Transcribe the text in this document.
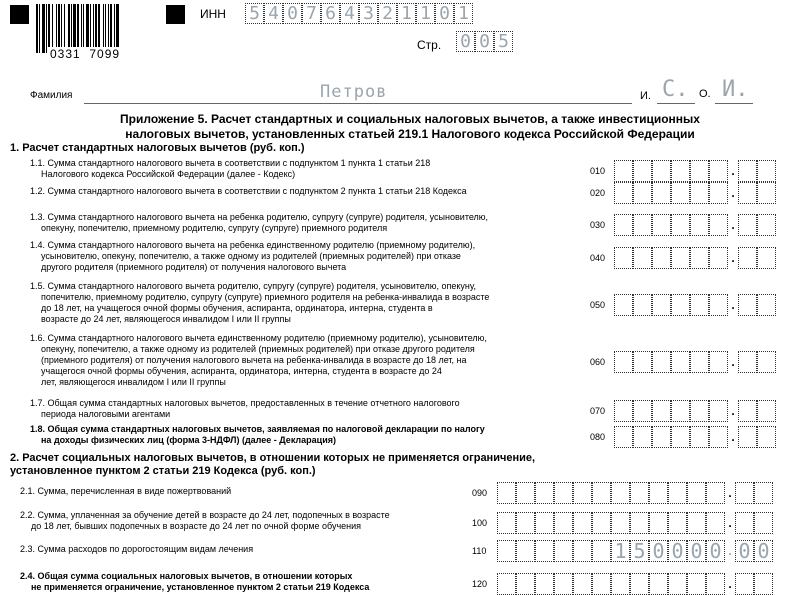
0331  7099
ИНН 5 4 0 7 6 4 3 2 1 1 0 1
Стр. 0 0 5
Фамилия	Петров	И. С. О. И.
Приложение 5. Расчет стандартных и социальных налоговых вычетов, а также инвестиционных
налоговых вычетов, установленных статьей 219.1 Налогового кодекса Российской Федерации
1. Расчет стандартных налоговых вычетов (руб. коп.)
1.1. Сумма стандартного налогового вычета в соответствии с подпунктом 1 пункта 1 статьи 218
Налогового кодекса Российской Федерации (далее - Кодекс)	010	.
1.2. Сумма стандартного налогового вычета в соответствии с подпунктом 2 пункта 1 статьи 218 Кодекса	020	.
1.3. Сумма стандартного налогового вычета на ребенка родителю, супругу (супруге) родителя, усыновителю,
опекуну, попечителю, приемному родителю, супругу (супруге) приемного родителя	030	.
1.4. Сумма стандартного налогового вычета на ребенка единственному родителю (приемному родителю),
усыновителю, опекуну, попечителю, а также одному из родителей (приемных родителей) при отказе
другого родителя (приемного родителя) от получения налогового вычета
040	.
1.5. Сумма стандартного налогового вычета родителю, супругу (супруге) родителя, усыновителю, опекуну,
попечителю, приемному родителю, супругу (супруге) приемного родителя на ребенка-инвалида в возрасте
до 18 лет, на учащегося очной формы обучения, аспиранта, ординатора, интерна, студента в
возрасте до 24 лет, являющегося инвалидом I или II группы
050	.
1.6. Сумма стандартного налогового вычета единственному родителю (приемному родителю), усыновителю,
опекуну, попечителю, а также одному из родителей (приемных родителей) при отказе другого родителя
(приемного родителя) от получения налогового вычета на ребенка-инвалида в возрасте до 18 лет, на
учащегося очной формы обучения, аспиранта, ординатора, интерна, студента в возрасте до 24
лет, являющегося инвалидом I или II группы
060	.
1.7. Общая сумма стандартных налоговых вычетов, предоставленных в течение отчетного налогового
периода налоговыми агентами	070	.
1.8. Общая сумма стандартных налоговых вычетов, заявляемая по налоговой декларации по налогу
на доходы физических лиц (форма 3-НДФЛ) (далее - Декларация)	080	.
2. Расчет социальных налоговых вычетов, в отношении которых не применяется ограничение,
установленное пунктом 2 статьи 219 Кодекса (руб. коп.)
2.1. Сумма, перечисленная в виде пожертвований	090	.
2.2. Сумма, уплаченная за обучение детей в возрасте до 24 лет, подопечных в возрасте
до 18 лет, бывших подопечных в возрасте до 24 лет по очной форме обучения	100	.
2.3. Сумма расходов по дорогостоящим видам лечения	110	1 5 0 0 0 0 . 0 0
2.4. Общая сумма социальных налоговых вычетов, в отношении которых
не применяется ограничение, установленное пунктом 2 статьи 219 Кодекса	120	.
